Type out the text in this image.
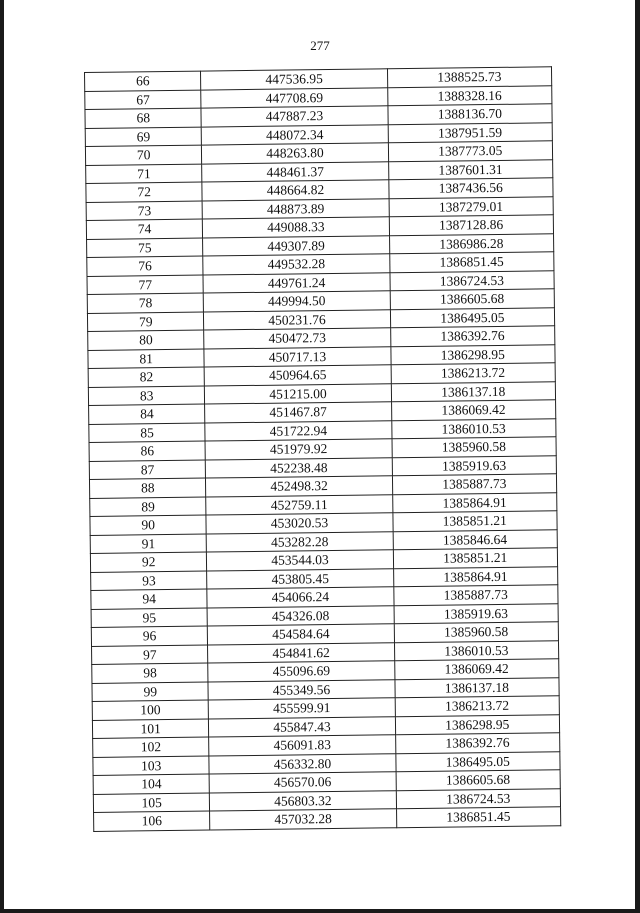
277
66	447536.95	1388525.73
67	447708.69	1388328.16
68	447887.23	1388136.70
69	448072.34	1387951.59
70	448263.80	1387773.05
71	448461.37	1387601.31
72	448664.82	1387436.56
73	448873.89	1387279.01
74	449088.33	1387128.86
75	449307.89	1386986.28
76	449532.28	1386851.45
77	449761.24	1386724.53
78	449994.50	1386605.68
79	450231.76	1386495.05
80	450472.73	1386392.76
81	450717.13	1386298.95
82	450964.65	1386213.72
83	451215.00	1386137.18
84	451467.87	1386069.42
85	451722.94	1386010.53
86	451979.92	1385960.58
87	452238.48	1385919.63
88	452498.32	1385887.73
89	452759.11	1385864.91
90	453020.53	1385851.21
91	453282.28	1385846.64
92	453544.03	1385851.21
93	453805.45	1385864.91
94	454066.24	1385887.73
95	454326.08	1385919.63
96	454584.64	1385960.58
97	454841.62	1386010.53
98	455096.69	1386069.42
99	455349.56	1386137.18
100	455599.91	1386213.72
101	455847.43	1386298.95
102	456091.83	1386392.76
103	456332.80	1386495.05
104	456570.06	1386605.68
105	456803.32	1386724.53
106	457032.28	1386851.45
